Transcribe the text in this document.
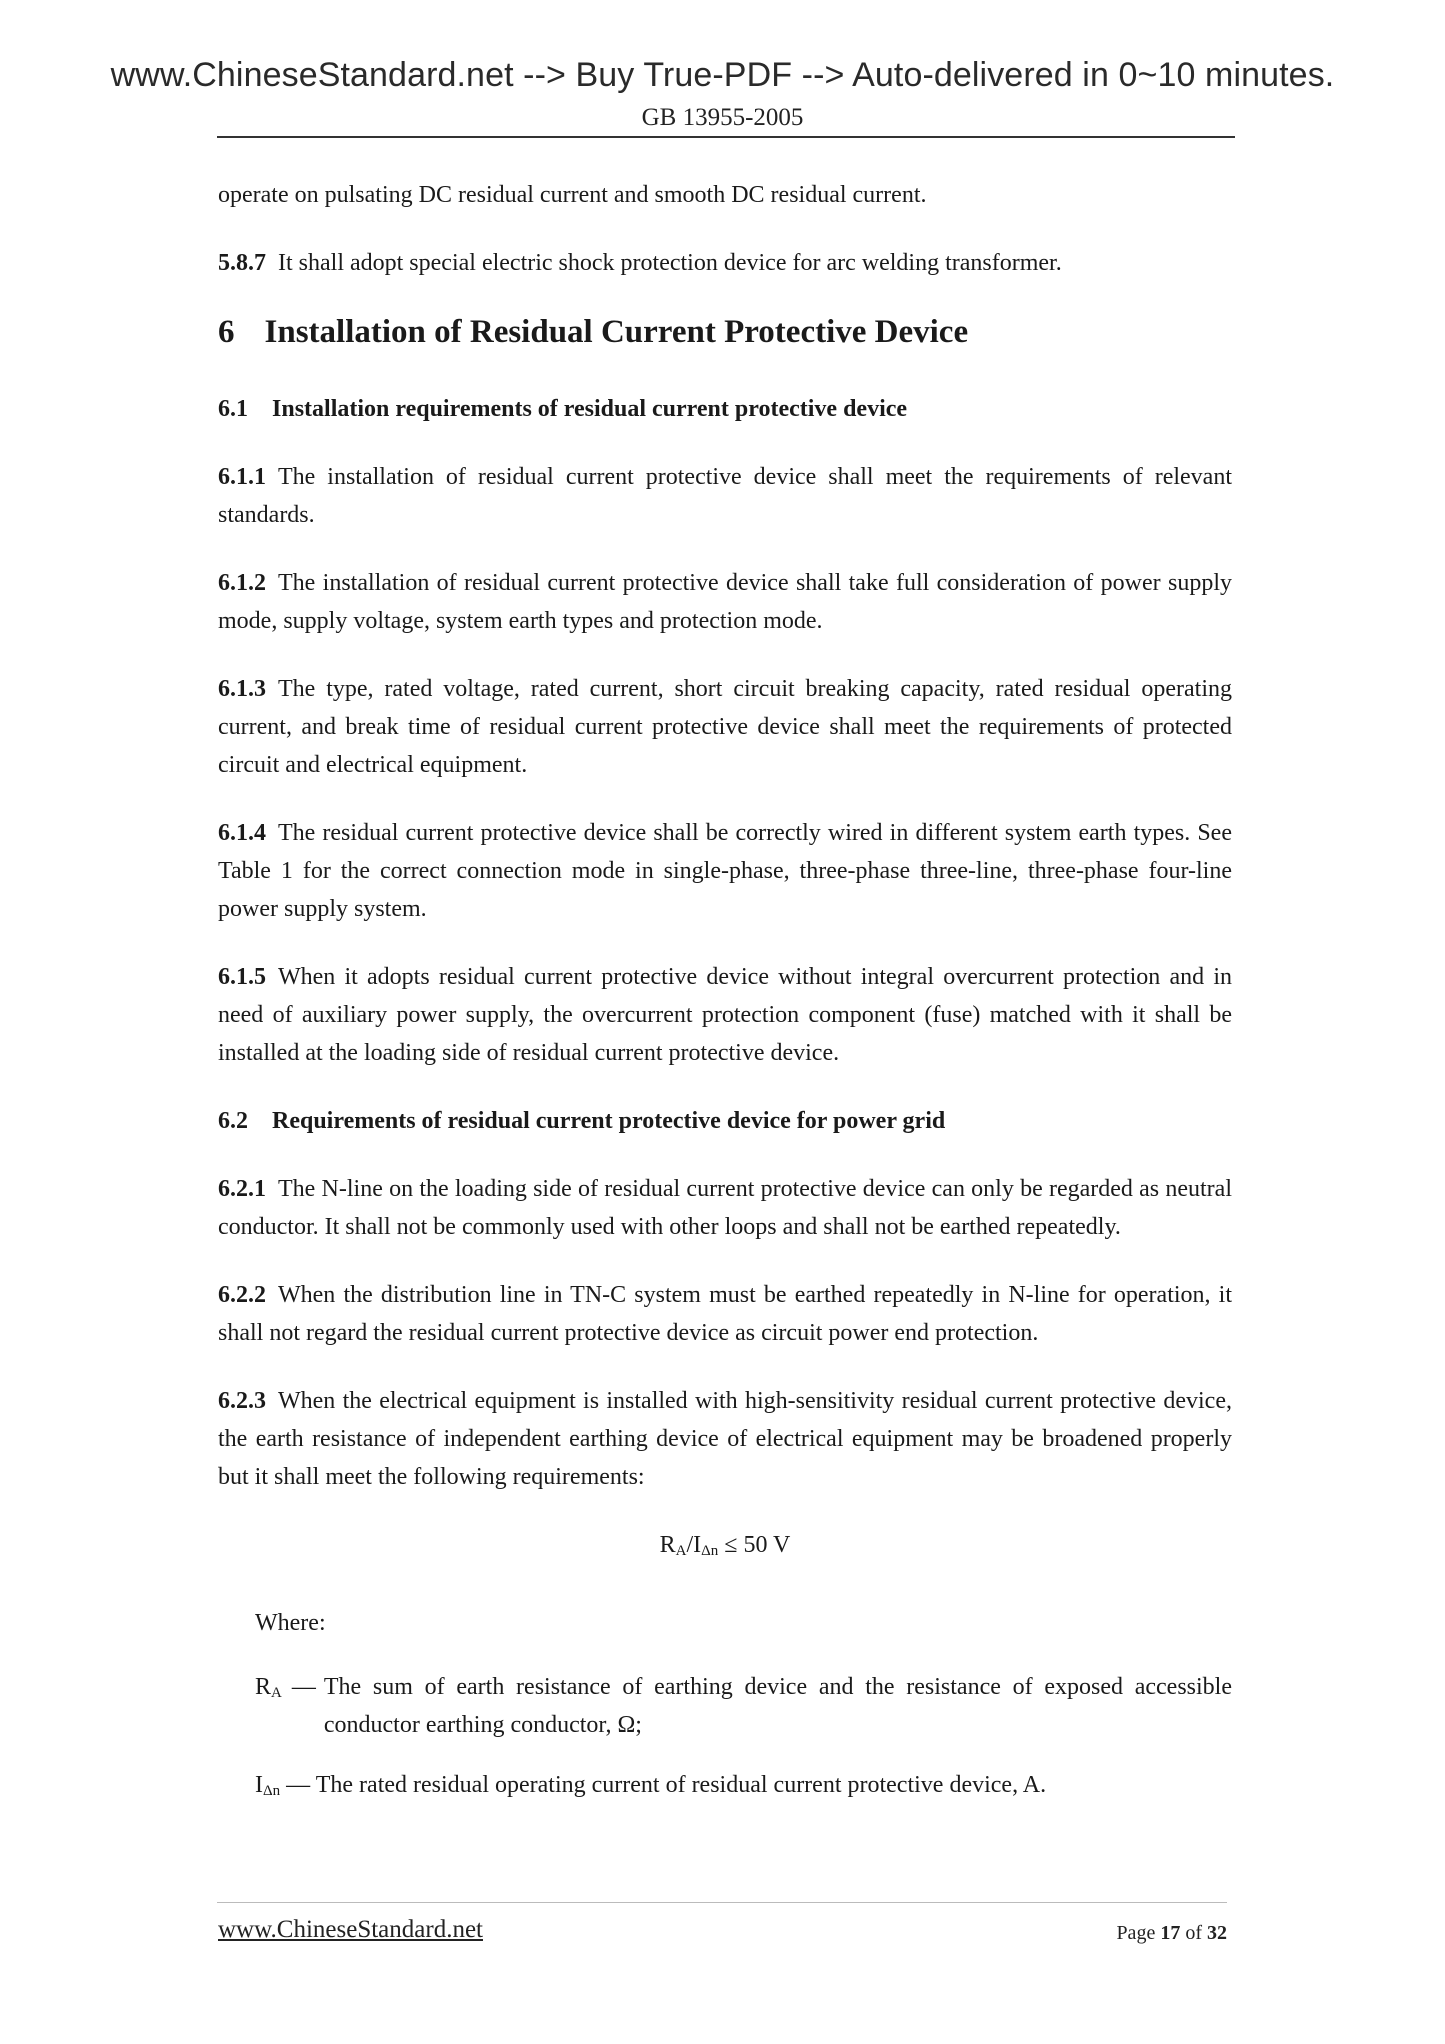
www.ChineseStandard.net --> Buy True-PDF --> Auto-delivered in 0~10 minutes.
GB 13955-2005

operate on pulsating DC residual current and smooth DC residual current.

5.8.7 It shall adopt special electric shock protection device for arc welding transformer.

6 Installation of Residual Current Protective Device
6.1 Installation requirements of residual current protective device

6.1.1 The installation of residual current protective device shall meet the requirements of relevant standards.

6.1.2 The installation of residual current protective device shall take full consideration of power supply mode, supply voltage, system earth types and protection mode.

6.1.3 The type, rated voltage, rated current, short circuit breaking capacity, rated residual operating current, and break time of residual current protective device shall meet the requirements of protected circuit and electrical equipment.

6.1.4 The residual current protective device shall be correctly wired in different system earth types. See Table 1 for the correct connection mode in single-phase, three-phase three-line, three-phase four-line power supply system.

6.1.5 When it adopts residual current protective device without integral overcurrent protection and in need of auxiliary power supply, the overcurrent protection component (fuse) matched with it shall be installed at the loading side of residual current protective device.

6.2 Requirements of residual current protective device for power grid

6.2.1 The N-line on the loading side of residual current protective device can only be regarded as neutral conductor. It shall not be commonly used with other loops and shall not be earthed repeatedly.

6.2.2 When the distribution line in TN-C system must be earthed repeatedly in N-line for operation, it shall not regard the residual current protective device as circuit power end protection.

6.2.3 When the electrical equipment is installed with high-sensitivity residual current protective device, the earth resistance of independent earthing device of electrical equipment may be broadened properly but it shall meet the following requirements:

$R_A/I_{\Delta n} \le 50$ V
Where:
$R_A$ — The sum of earth resistance of earthing device and the resistance of exposed accessible conductor earthing conductor, Ω;
$I_{\Delta n}$ — The rated residual operating current of residual current protective device, A.
www.ChineseStandard.net	Page 17 of 32
